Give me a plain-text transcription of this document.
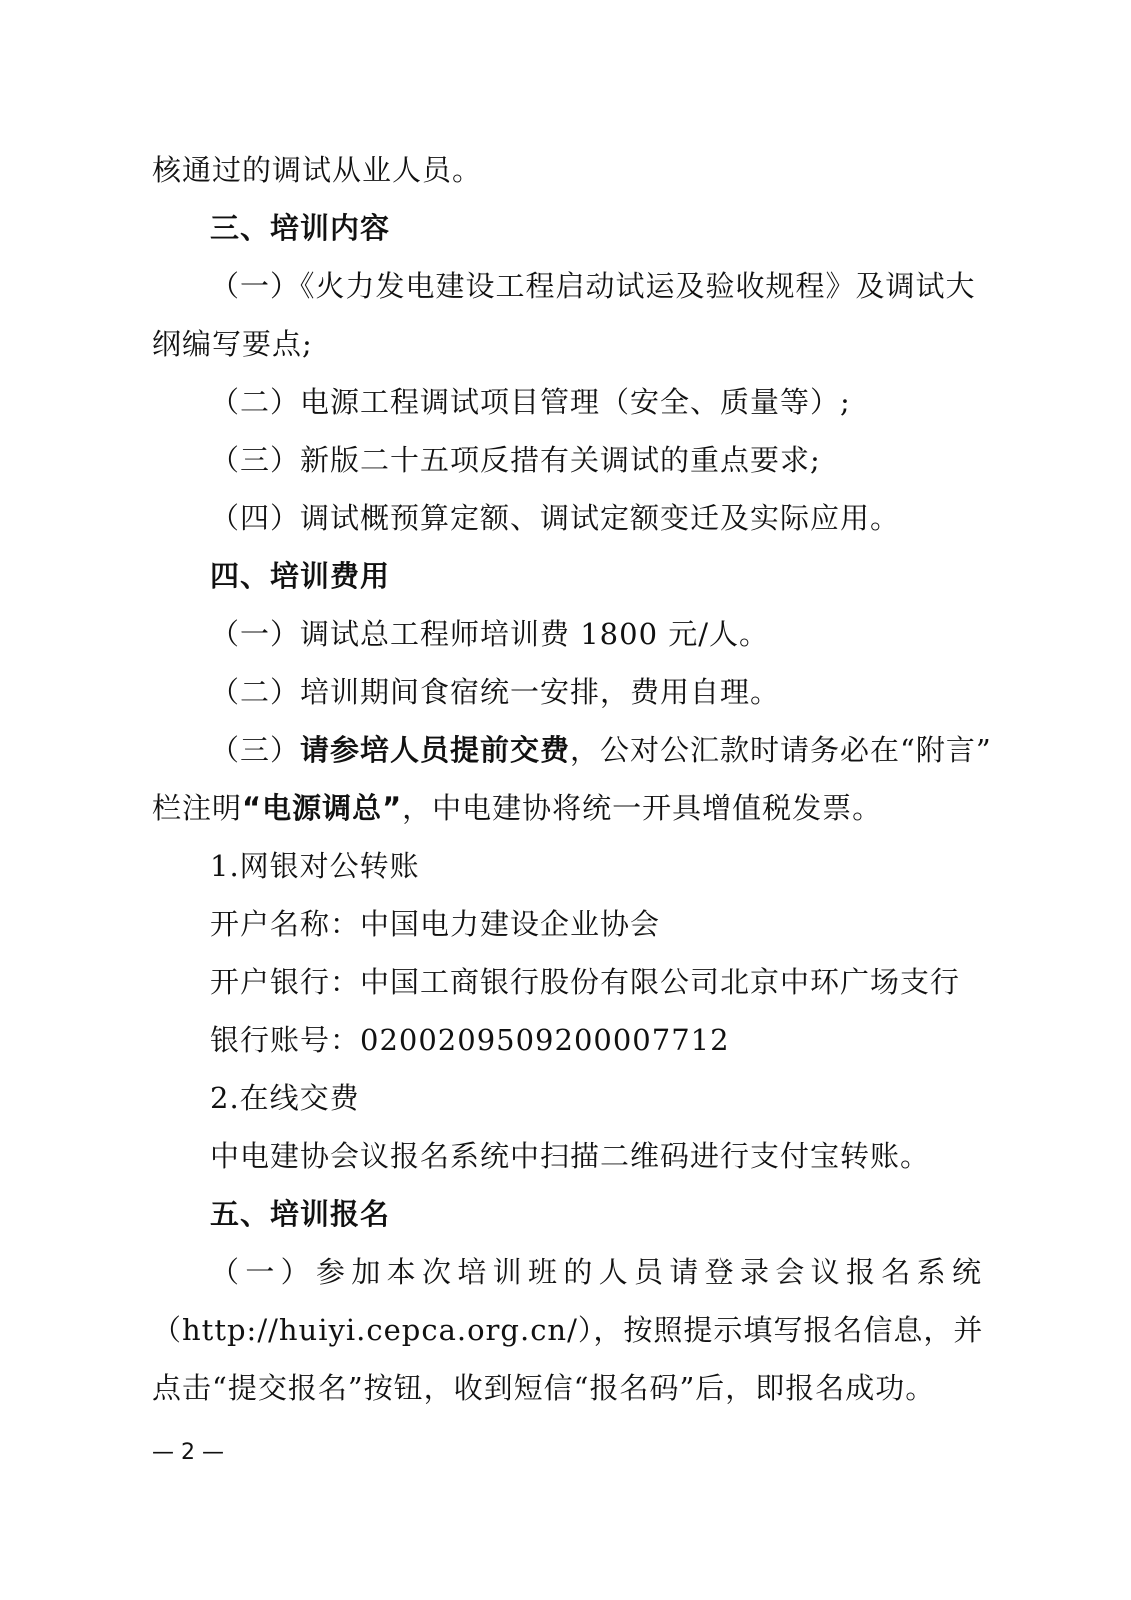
核通过的调试从业人员。
三、培训内容
（一）《火力发电建设工程启动试运及验收规程》及调试大
纲编写要点;
（二）电源工程调试项目管理（安全、质量等）;
（三）新版二十五项反措有关调试的重点要求;
（四）调试概预算定额、调试定额变迁及实际应用。
四、培训费用
（一）调试总工程师培训费 1800 元/人。
（二）培训期间食宿统一安排，费用自理。
（三）请参培人员提前交费，公对公汇款时请务必在“附言”
栏注明“电源调总”，中电建协将统一开具增值税发票。
1.网银对公转账
开户名称：中国电力建设企业协会
开户银行：中国工商银行股份有限公司北京中环广场支行
银行账号：0200209509200007712
2.在线交费
中电建协会议报名系统中扫描二维码进行支付宝转账。
五、培训报名
（一）参加本次培训班的人员请登录会议报名系统
（http://huiyi.cepca.org.cn/），按照提示填写报名信息，并
点击“提交报名”按钮，收到短信“报名码”后，即报名成功。
— 2 —
